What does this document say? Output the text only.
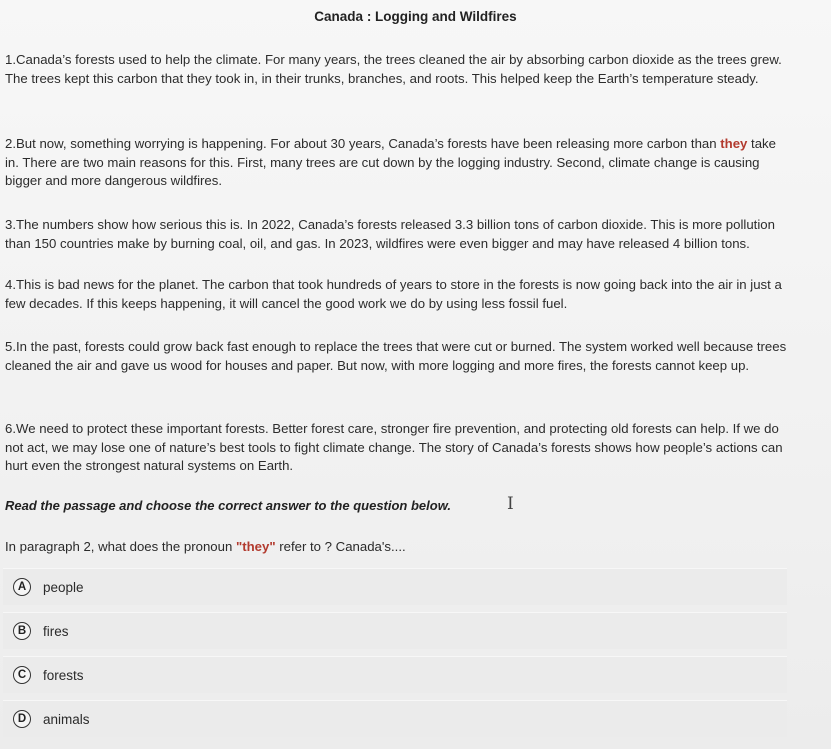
Canada : Logging and Wildfires
1.Canada’s forests used to help the climate. For many years, the trees cleaned the air by absorbing carbon dioxide as the trees grew. The trees kept this carbon that they took in, in their trunks, branches, and roots. This helped keep the Earth’s temperature steady.
2.But now, something worrying is happening. For about 30 years, Canada’s forests have been releasing more carbon than they take in. There are two main reasons for this. First, many trees are cut down by the logging industry. Second, climate change is causing bigger and more dangerous wildfires.
3.The numbers show how serious this is. In 2022, Canada’s forests released 3.3 billion tons of carbon dioxide. This is more pollution than 150 countries make by burning coal, oil, and gas. In 2023, wildfires were even bigger and may have released 4 billion tons.
4.This is bad news for the planet. The carbon that took hundreds of years to store in the forests is now going back into the air in just a few decades. If this keeps happening, it will cancel the good work we do by using less fossil fuel.
5.In the past, forests could grow back fast enough to replace the trees that were cut or burned. The system worked well because trees cleaned the air and gave us wood for houses and paper. But now, with more logging and more fires, the forests cannot keep up.
6.We need to protect these important forests. Better forest care, stronger fire prevention, and protecting old forests can help. If we do not act, we may lose one of nature’s best tools to fight climate change. The story of Canada’s forests shows how people’s actions can hurt even the strongest natural systems on Earth.
Read the passage and choose the correct answer to the question below.	I
In paragraph 2, what does the pronoun "they" refer to ? Canada's....
A	people
B	fires
C	forests
D	animals
